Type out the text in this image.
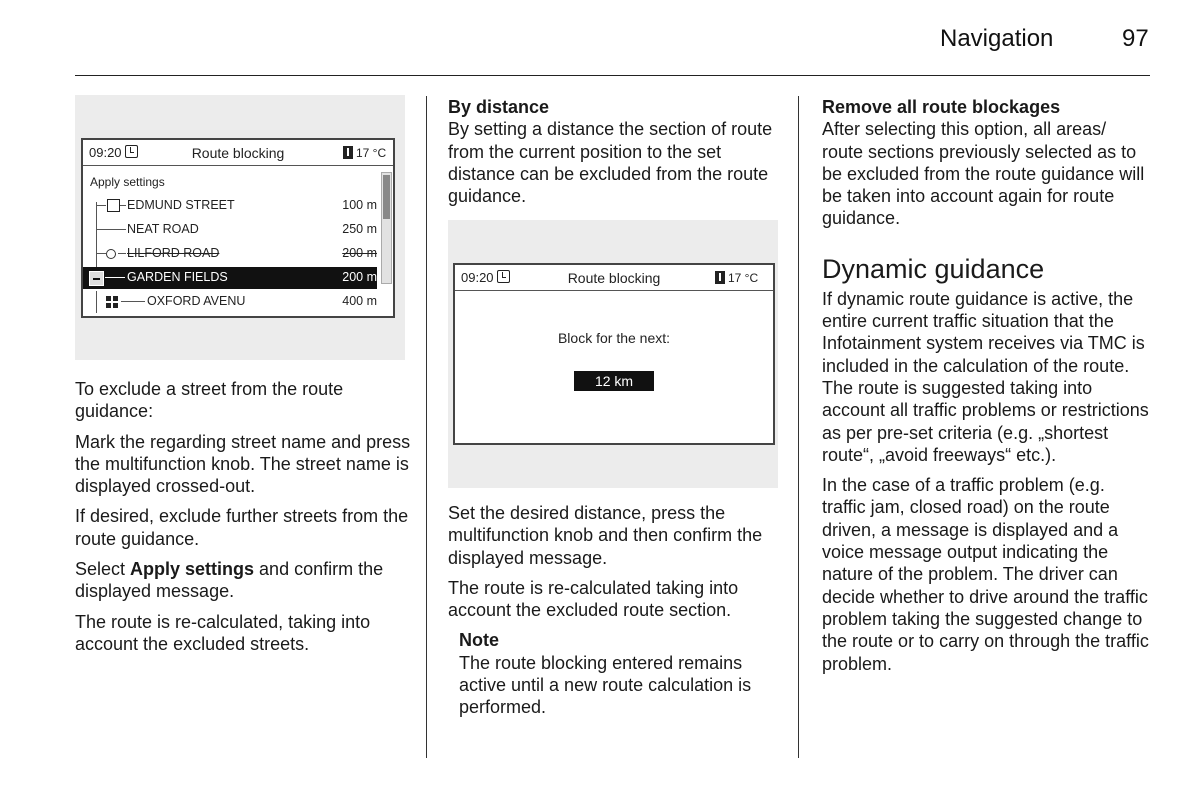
Navigation	97
09:20	Route blocking	17 °C
Apply settings
EDMUND STREET	100 m
NEAT ROAD	250 m
LILFORD ROAD	200 m
GARDEN FIELDS	200 m
OXFORD AVENU	400 m

To exclude a street from the route guidance:

Mark the regarding street name and press the multifunction knob. The street name is displayed crossed-out.

If desired, exclude further streets from the route guidance.

Select Apply settings and confirm the displayed message.

The route is re-calculated, taking into account the excluded streets.

By distance

By setting a distance the section of route from the current position to the set distance can be excluded from the route guidance.

09:20	Route blocking	17 °C
Block for the next:
12 km

Set the desired distance, press the multifunction knob and then confirm the displayed message.

The route is re-calculated taking into account the excluded route section.

Note

The route blocking entered remains active until a new route calculation is performed.

Remove all route blockages

After selecting this option, all areas/ route sections previously selected as to be excluded from the route guidance will be taken into account again for route guidance.

Dynamic guidance

If dynamic route guidance is active, the entire current traffic situation that the Infotainment system receives via TMC is included in the calculation of the route. The route is suggested taking into account all traffic problems or restrictions as per pre-set criteria (e.g. „shortest route“, „avoid freeways“ etc.).

In the case of a traffic problem (e.g. traffic jam, closed road) on the route driven, a message is displayed and a voice message output indicating the nature of the problem. The driver can decide whether to drive around the traffic problem taking the suggested change to the route or to carry on through the traffic problem.
